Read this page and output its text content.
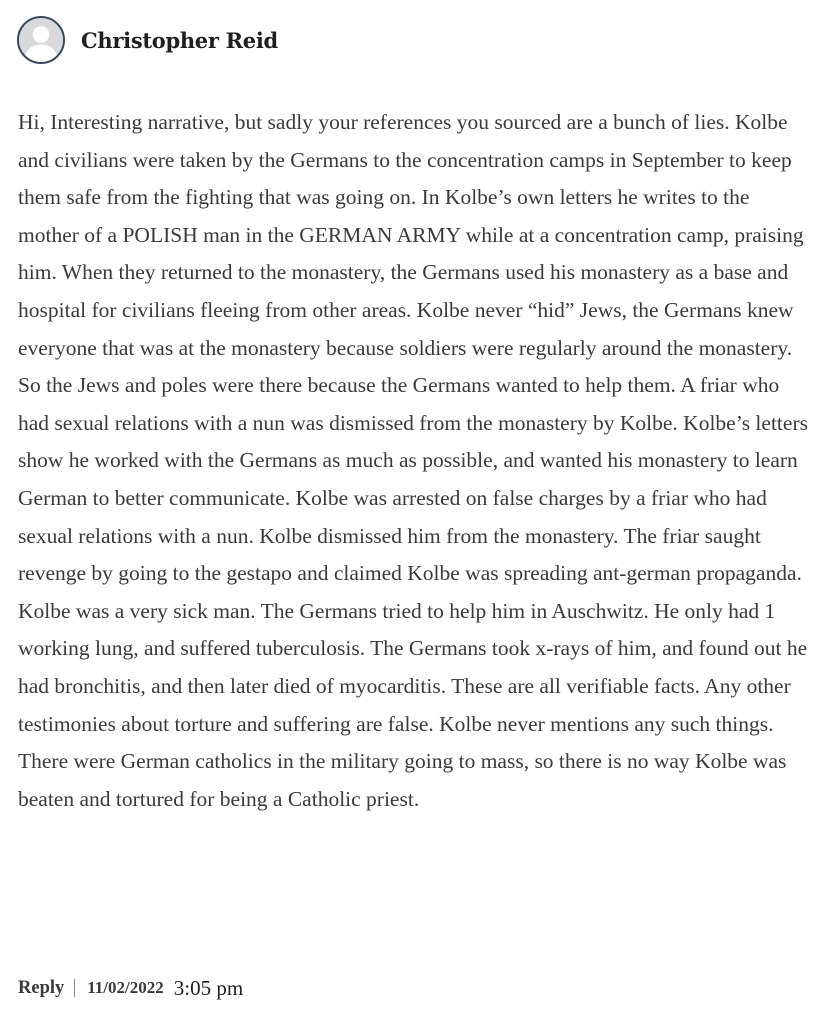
Christopher Reid

Hi, Interesting narrative, but sadly your references you sourced are a bunch of lies. Kolbe and civilians were taken by the Germans to the concentration camps in September to keep them safe from the fighting that was going on. In Kolbe’s own letters he writes to the mother of a POLISH man in the GERMAN ARMY while at a concentration camp, praising him. When they returned to the monastery, the Germans used his monastery as a base and hospital for civilians fleeing from other areas. Kolbe never “hid” Jews, the Germans knew everyone that was at the monastery because soldiers were regularly around the monastery. So the Jews and poles were there because the Germans wanted to help them. A friar who had sexual relations with a nun was dismissed from the monastery by Kolbe. Kolbe’s letters show he worked with the Germans as much as possible, and wanted his monastery to learn German to better communicate. Kolbe was arrested on false charges by a friar who had sexual relations with a nun. Kolbe dismissed him from the monastery. The friar saught revenge by going to the gestapo and claimed Kolbe was spreading ant-german propaganda. Kolbe was a very sick man. The Germans tried to help him in Auschwitz. He only had 1 working lung, and suffered tuberculosis. The Germans took x-rays of him, and found out he had bronchitis, and then later died of myocarditis. These are all verifiable facts. Any other testimonies about torture and suffering are false. Kolbe never mentions any such things. There were German catholics in the military going to mass, so there is no way Kolbe was beaten and tortured for being a Catholic priest.

Reply 11/02/2022 3:05 pm
